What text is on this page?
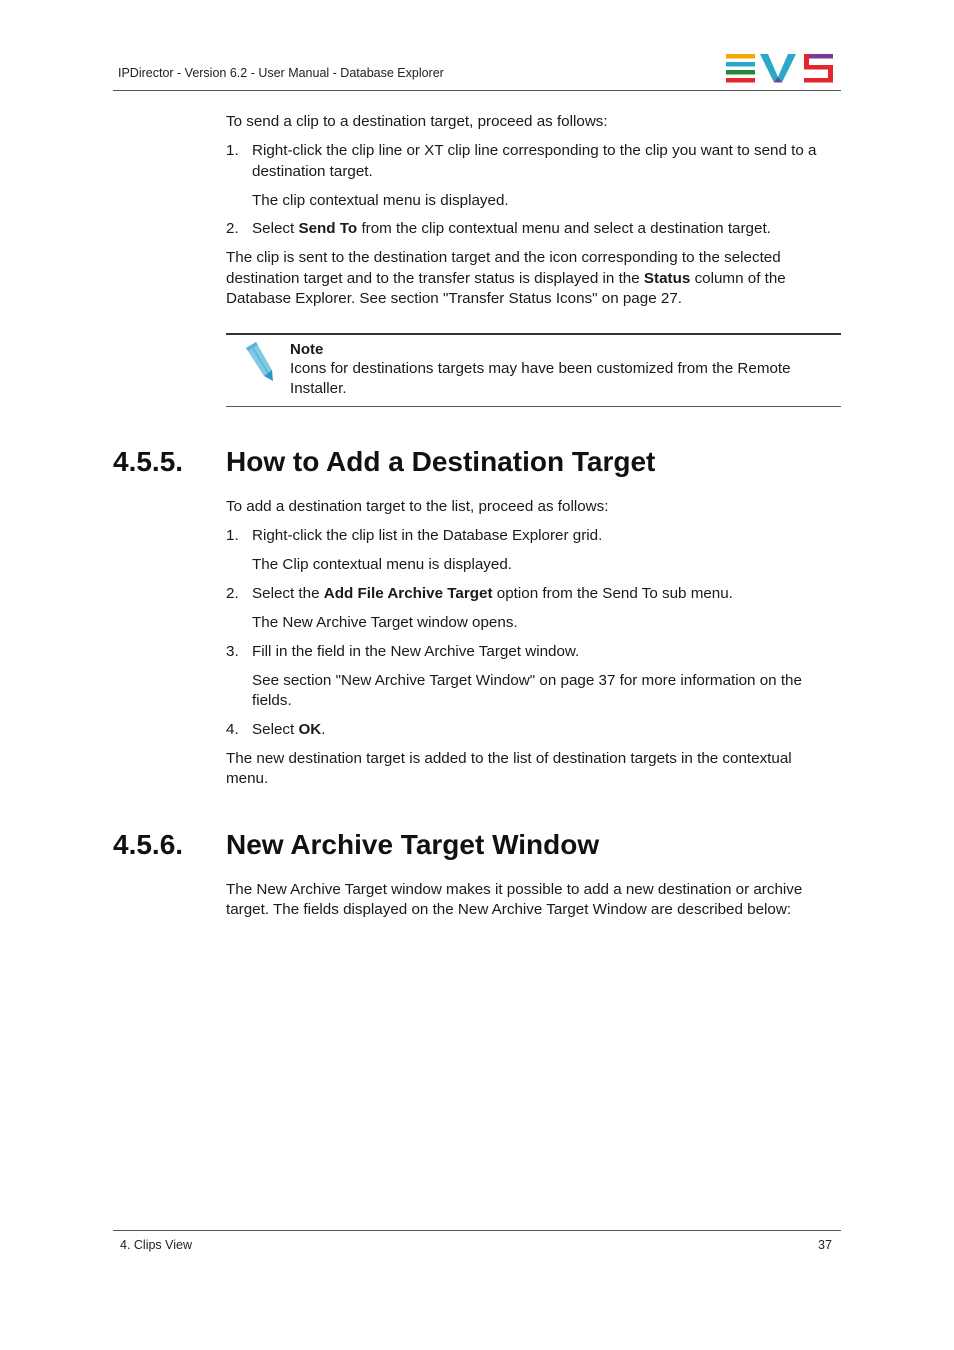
IPDirector - Version 6.2 - User Manual - Database Explorer
To send a clip to a destination target, proceed as follows:
1. Right-click the clip line or XT clip line corresponding to the clip you want to send to a
destination target.
The clip contextual menu is displayed.
2. Select Send To from the clip contextual menu and select a destination target.
The clip is sent to the destination target and the icon corresponding to the selected
destination target and to the transfer status is displayed in the Status column of the
Database Explorer. See section "Transfer Status Icons" on page 27.
Note
Icons for destinations targets may have been customized from the Remote
Installer.
4.5.5. How to Add a Destination Target
To add a destination target to the list, proceed as follows:
1. Right-click the clip list in the Database Explorer grid.
The Clip contextual menu is displayed.
2. Select the Add File Archive Target option from the Send To sub menu.
The New Archive Target window opens.
3. Fill in the field in the New Archive Target window.
See section "New Archive Target Window" on page 37 for more information on the
fields.
4. Select OK.
The new destination target is added to the list of destination targets in the contextual
menu.
4.5.6. New Archive Target Window
The New Archive Target window makes it possible to add a new destination or archive
target. The fields displayed on the New Archive Target Window are described below:
4. Clips View	37
